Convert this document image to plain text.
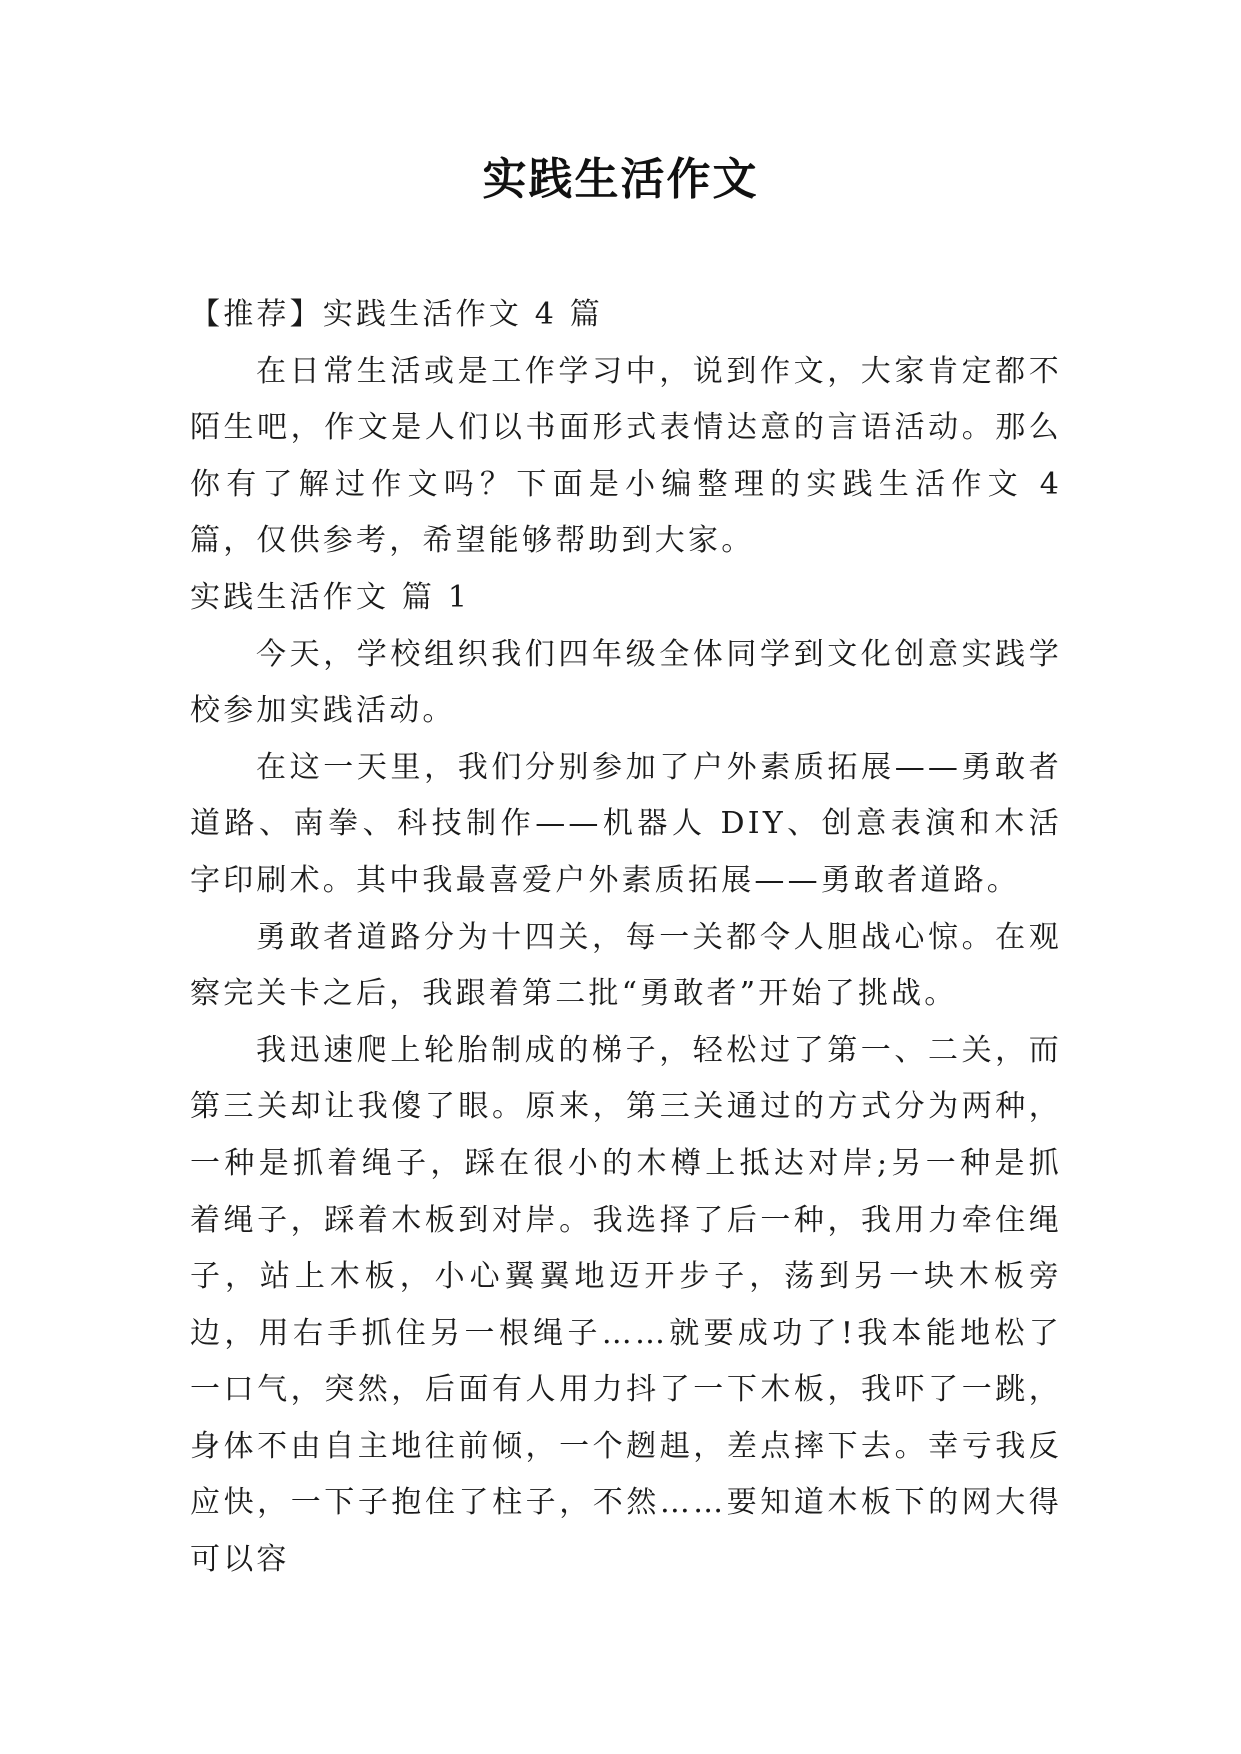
实践生活作文

【推荐】实践生活作文 4 篇

在日常生活或是工作学习中，说到作文，大家肯定都不陌生吧，作文是人们以书面形式表情达意的言语活动。那么你有了解过作文吗？下面是小编整理的实践生活作文 4 篇，仅供参考，希望能够帮助到大家。

实践生活作文 篇 1

今天，学校组织我们四年级全体同学到文化创意实践学校参加实践活动。

在这一天里，我们分别参加了户外素质拓展——勇敢者道路、南拳、科技制作——机器人 DIY、创意表演和木活字印刷术。其中我最喜爱户外素质拓展——勇敢者道路。

勇敢者道路分为十四关，每一关都令人胆战心惊。在观察完关卡之后，我跟着第二批“勇敢者”开始了挑战。

我迅速爬上轮胎制成的梯子，轻松过了第一、二关，而第三关却让我傻了眼。原来，第三关通过的方式分为两种，一种是抓着绳子，踩在很小的木樽上抵达对岸;另一种是抓着绳子，踩着木板到对岸。我选择了后一种，我用力牵住绳子，站上木板，小心翼翼地迈开步子，荡到另一块木板旁边，用右手抓住另一根绳子……就要成功了!我本能地松了一口气，突然，后面有人用力抖了一下木板，我吓了一跳，身体不由自主地往前倾，一个趔趄，差点摔下去。幸亏我反应快，一下子抱住了柱子，不然……要知道木板下的网大得可以容
